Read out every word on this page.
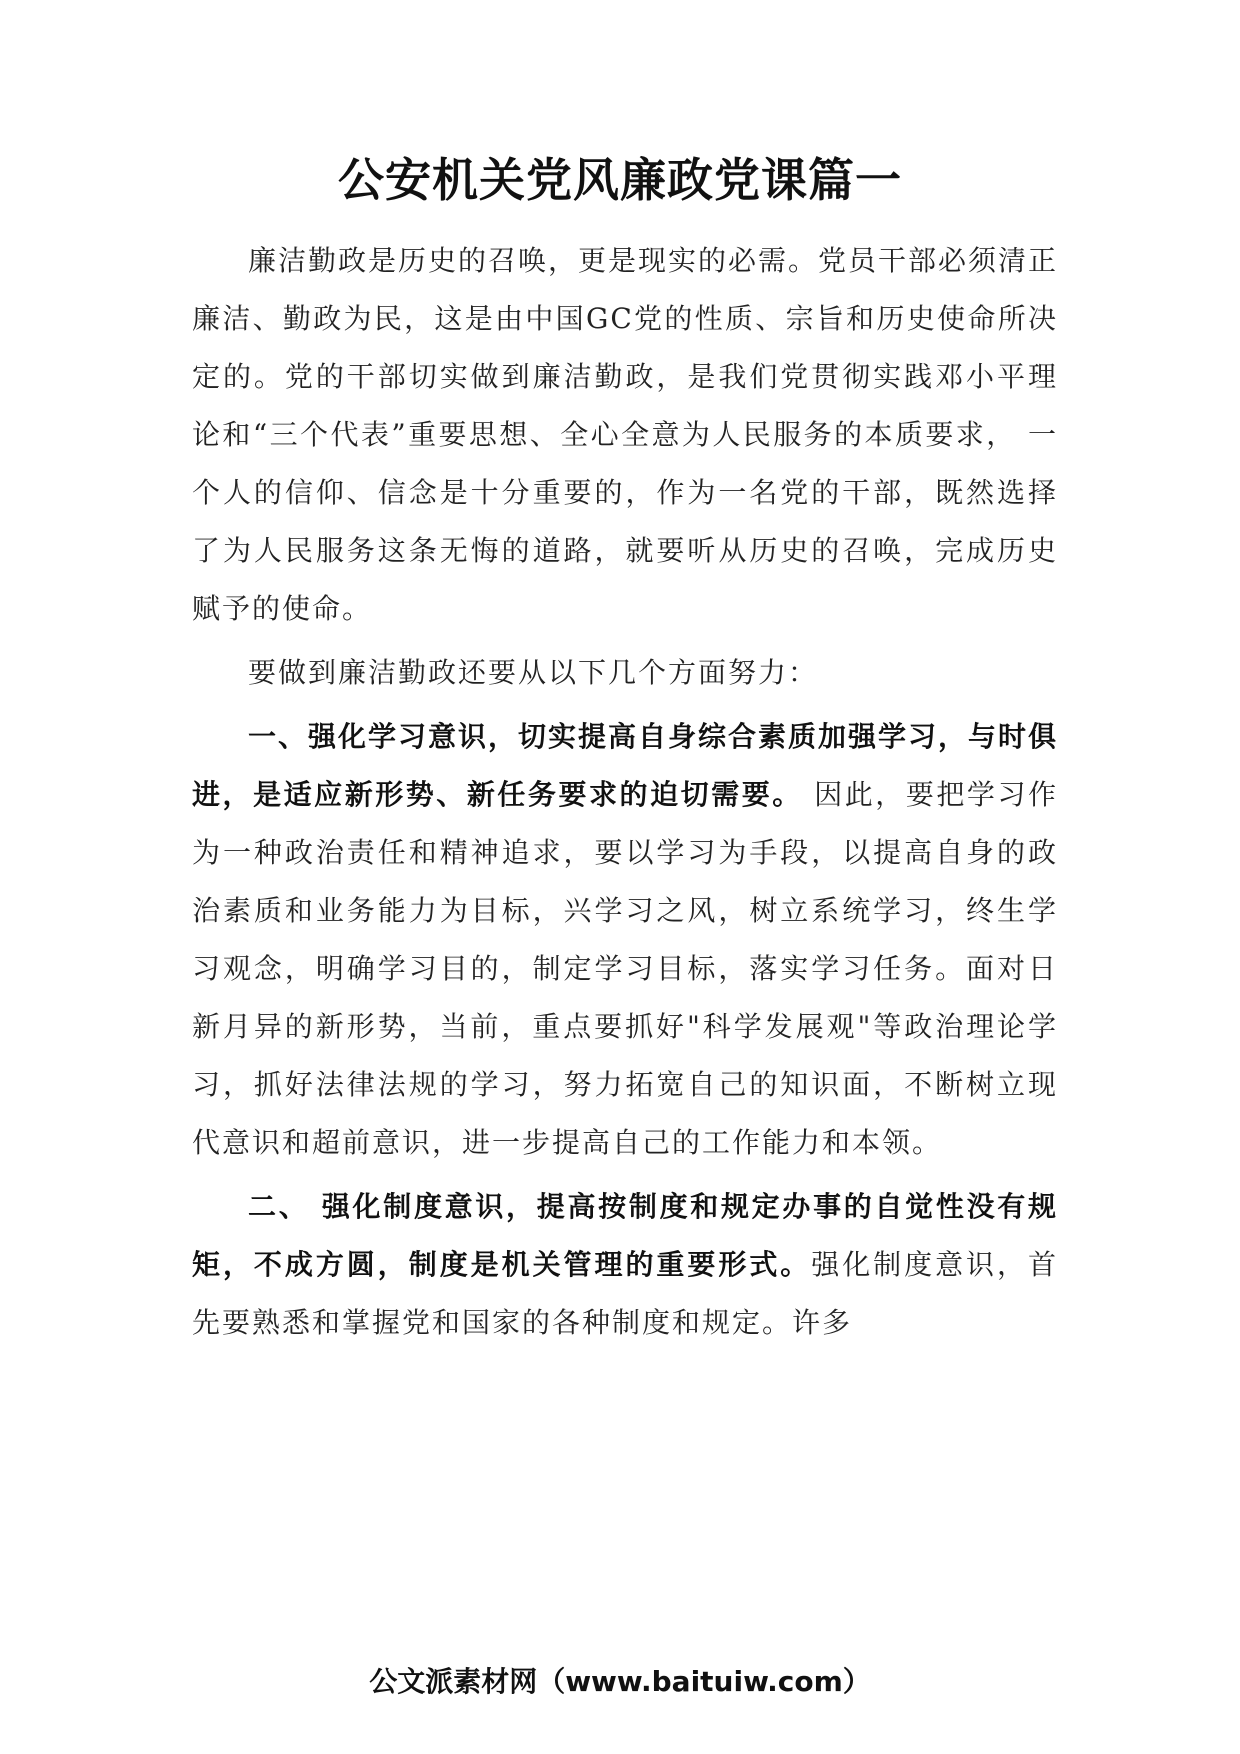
公安机关党风廉政党课篇一

廉洁勤政是历史的召唤，更是现实的必需。党员干部必须清正廉洁、勤政为民，这是由中国GC党的性质、宗旨和历史使命所决定的。党的干部切实做到廉洁勤政，是我们党贯彻实践邓小平理论和“三个代表”重要思想、全心全意为人民服务的本质要求， 一个人的信仰、信念是十分重要的，作为一名党的干部，既然选择了为人民服务这条无悔的道路，就要听从历史的召唤，完成历史赋予的使命。

要做到廉洁勤政还要从以下几个方面努力：

一、强化学习意识，切实提高自身综合素质加强学习，与时俱进，是适应新形势、新任务要求的迫切需要。 因此，要把学习作为一种政治责任和精神追求，要以学习为手段，以提高自身的政治素质和业务能力为目标，兴学习之风，树立系统学习，终生学习观念，明确学习目的，制定学习目标，落实学习任务。面对日新月异的新形势，当前，重点要抓好"科学发展观"等政治理论学习，抓好法律法规的学习，努力拓宽自己的知识面，不断树立现代意识和超前意识，进一步提高自己的工作能力和本领。

二、 强化制度意识，提高按制度和规定办事的自觉性没有规矩，不成方圆，制度是机关管理的重要形式。强化制度意识，首先要熟悉和掌握党和国家的各种制度和规定。许多

公文派素材网（www.baituiw.com）
